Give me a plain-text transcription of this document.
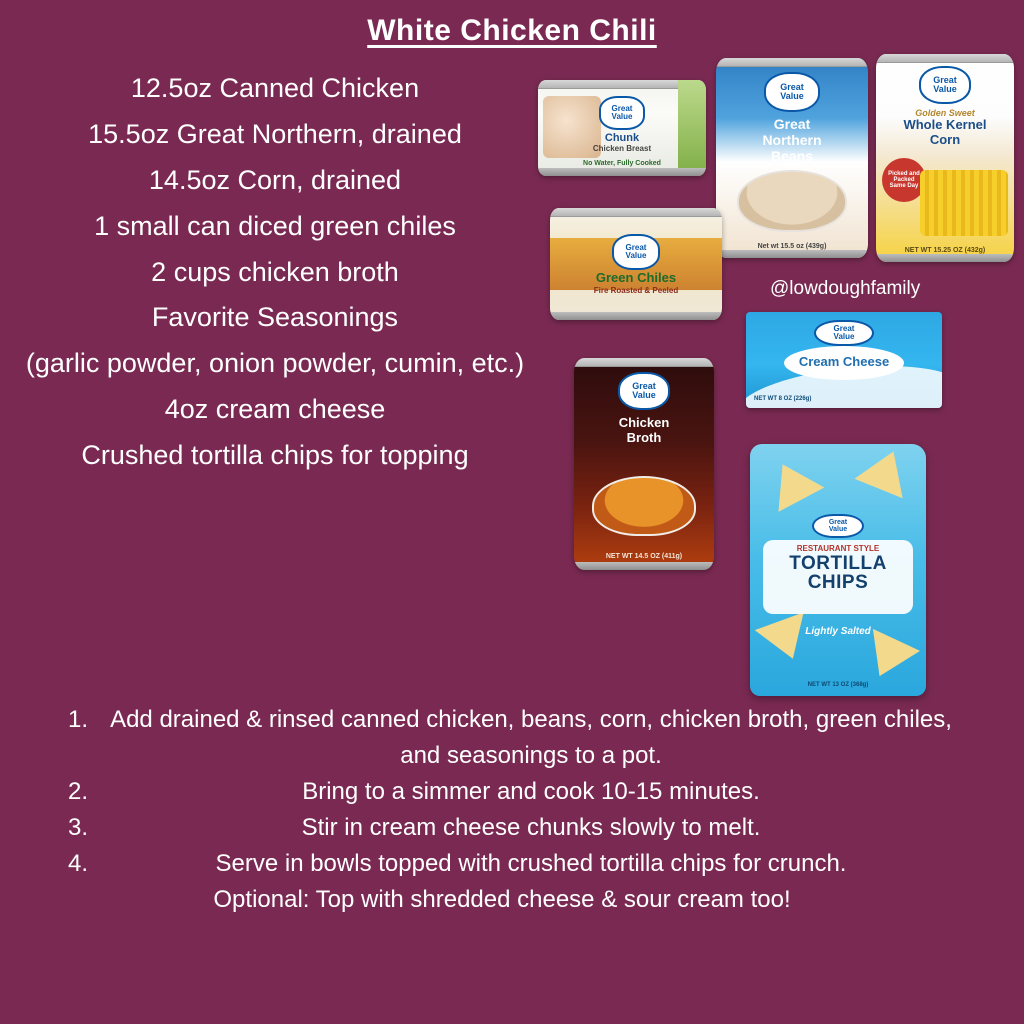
White Chicken Chili
12.5oz Canned Chicken
15.5oz Great Northern, drained
14.5oz Corn, drained
1 small can diced green chiles
2 cups chicken broth
Favorite Seasonings
(garlic powder, onion powder, cumin, etc.)
4oz cream cheese
Crushed tortilla chips for topping
Great
Value
Chunk
Chicken Breast
No Water, Fully Cooked
Great
Value
Great
Northern
Beans
Net wt 15.5 oz (439g)
Great
Value
Golden Sweet
Whole Kernel
Corn
Picked and Packed Same Day
NET WT 15.25 OZ (432g)
Great
Value
Diced
Green Chiles
Fire Roasted & Peeled
Great
Value
Chicken
Broth
NET WT 14.5 OZ (411g)
Great
Value
Cream Cheese
NET WT 8 OZ (226g)
Great
Value
RESTAURANT STYLE
TORTILLA
CHIPS
Lightly Salted
NET WT 13 OZ (368g)
@lowdoughfamily
1. Add drained & rinsed canned chicken, beans, corn, chicken broth, green chiles, and seasonings to a pot.
2.	Bring to a simmer and cook 10-15 minutes.
3.	Stir in cream cheese chunks slowly to melt.
4.	Serve in bowls topped with crushed tortilla chips for crunch.
Optional: Top with shredded cheese & sour cream too!
